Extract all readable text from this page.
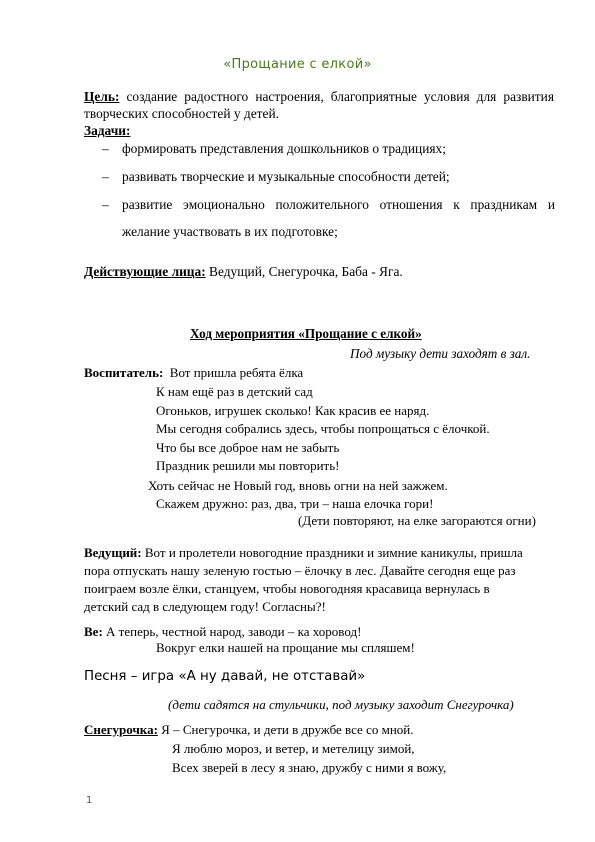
«Прощание с елкой»
Цель: создание радостного настроения, благоприятные условия для развития творческих способностей у детей.
Задачи:
– формировать представления дошкольников о традициях;
– развивать творческие и музыкальные способности детей;
– развитие эмоционально положительного отношения к праздникам и
желание участвовать в их подготовке;
Действующие лица: Ведущий, Снегурочка, Баба - Яга.
Ход мероприятия «Прощание с елкой»
Под музыку дети заходят в зал.
Воспитатель: Вот пришла ребята ёлка
К нам ещё раз в детский сад
Огоньков, игрушек сколько! Как красив ее наряд.
Мы сегодня собрались здесь, чтобы попрощаться с ёлочкой.
Что бы все доброе нам не забыть
Праздник решили мы повторить!
Хоть сейчас не Новый год, вновь огни на ней зажжем.
Скажем дружно: раз, два, три – наша елочка гори!
(Дети повторяют, на елке загораются огни)
Ведущий: Вот и пролетели новогодние праздники и зимние каникулы, пришла
пора отпускать нашу зеленую гостью – ёлочку в лес. Давайте сегодня еще раз
поиграем возле ёлки, станцуем, чтобы новогодняя красавица вернулась в
детский сад в следующем году! Согласны?!
Ве: А теперь, честной народ, заводи – ка хоровод!
Вокруг елки нашей на прощание мы спляшем!
Песня – игра «А ну давай, не отставай»
(дети садятся на стульчики, под музыку заходит Снегурочка)
Снегурочка: Я – Снегурочка, и дети в дружбе все со мной.
Я люблю мороз, и ветер, и метелицу зимой,
Всех зверей в лесу я знаю, дружбу с ними я вожу,
1
